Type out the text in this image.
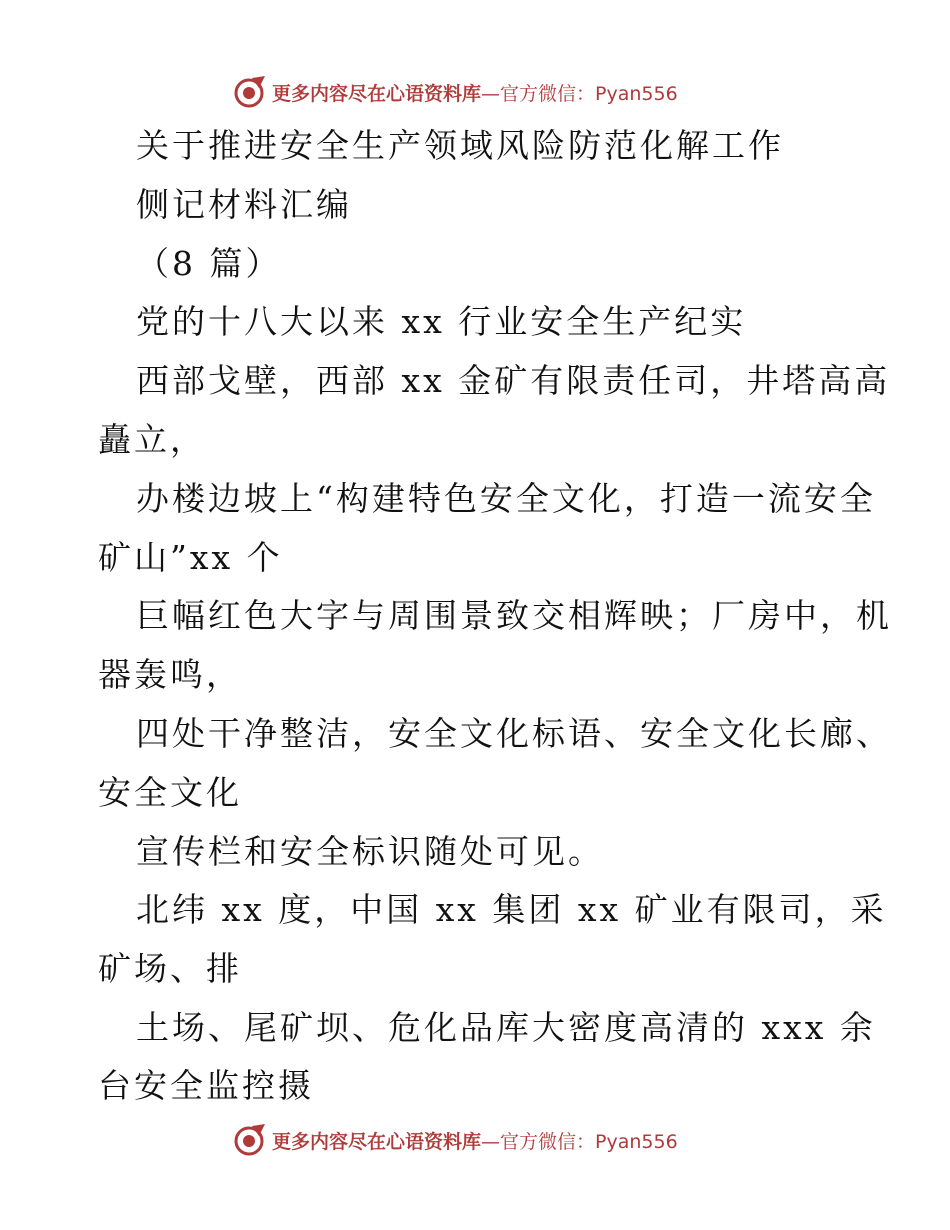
更多内容尽在心语资料库 —官方微信：Pyan556
关于推进安全生产领域风险防范化解工作
侧记材料汇编
（8 篇）
党的十八大以来 xx 行业安全生产纪实
西部戈壁，西部 xx 金矿有限责任司，井塔高高
矗立，
办楼边坡上“构建特色安全文化，打造一流安全
矿山”xx 个
巨幅红色大字与周围景致交相辉映；厂房中，机
器轰鸣，
四处干净整洁，安全文化标语、安全文化长廊、
安全文化
宣传栏和安全标识随处可见。
北纬 xx 度，中国 xx 集团 xx 矿业有限司，采
矿场、排
土场、尾矿坝、危化品库大密度高清的 xxx 余
台安全监控摄
更多内容尽在心语资料库 —官方微信：Pyan556
